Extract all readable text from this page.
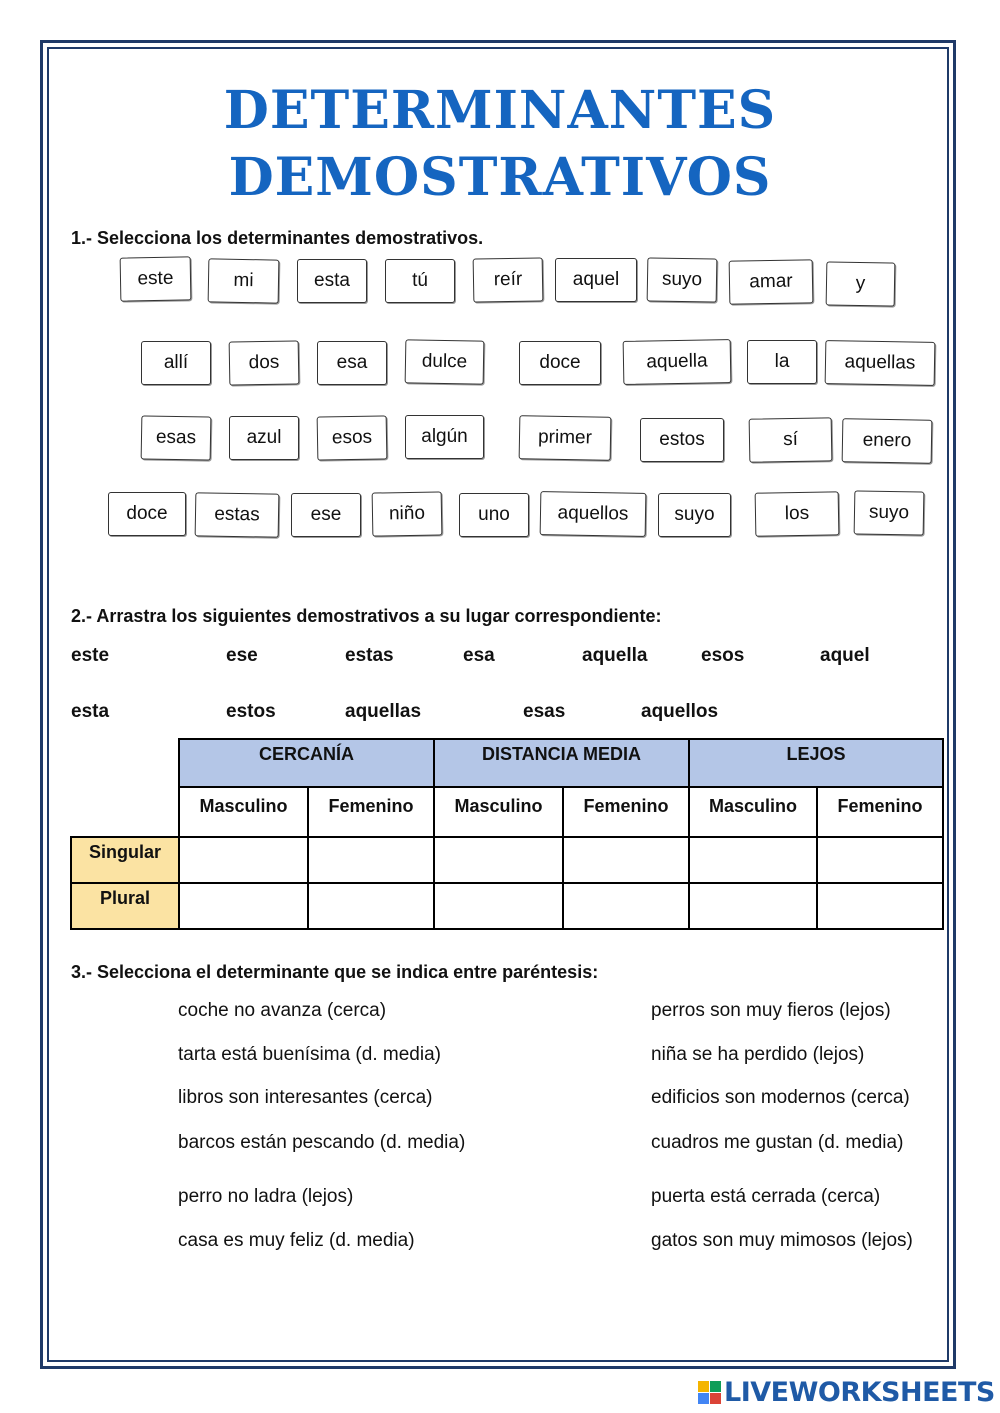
DETERMINANTES
DEMOSTRATIVOS
1.- Selecciona los determinantes demostrativos.
este	mi	esta	tú	reír	aquel	suyo	amar	y
allí	dos	esa	dulce	doce	aquella	la	aquellas
esas	azul	esos	algún	primer	estos	sí	enero
doce	estas	ese	niño	uno	aquellos	suyo	los	suyo
2.- Arrastra los siguientes demostrativos a su lugar correspondiente:
este	ese	estas	esa	aquella	esos	aquel
esta	estos	aquellas	esas	aquellos
	CERCANÍA		DISTANCIA MEDIA		LEJOS	
	Masculino	Femenino	Masculino	Femenino	Masculino	Femenino
Singular						
Plural						
3.- Selecciona el determinante que se indica entre paréntesis:
coche no avanza (cerca)
tarta está buenísima (d. media)
libros son interesantes (cerca)
barcos están pescando (d. media)
perro no ladra (lejos)
casa es muy feliz (d. media)
perros son muy fieros (lejos)
niña se ha perdido (lejos)
edificios son modernos (cerca)
cuadros me gustan (d. media)
puerta está cerrada (cerca)
gatos son muy mimosos (lejos)
LIVEWORKSHEETS
